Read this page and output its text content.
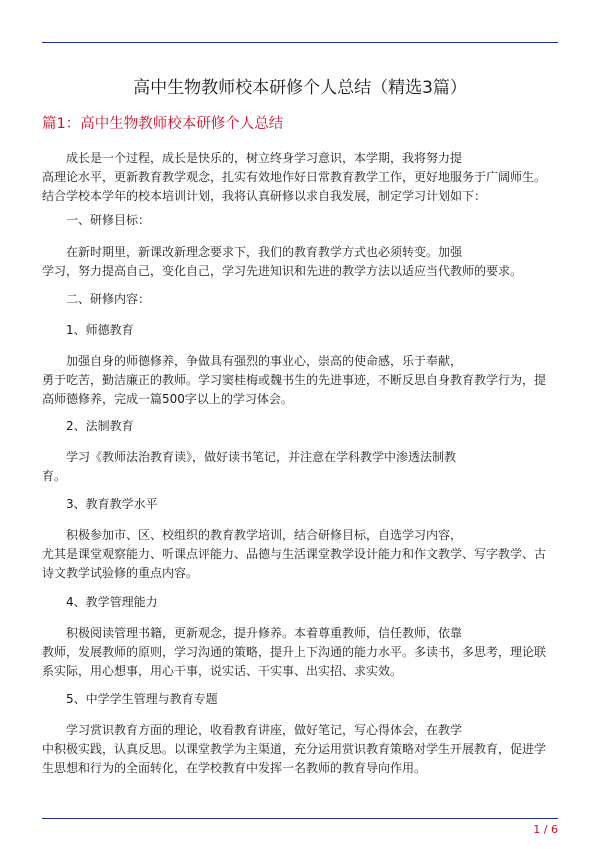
高中生物教师校本研修个人总结（精选3篇）
篇1：高中生物教师校本研修个人总结

　　成长是一个过程，成长是快乐的，树立终身学习意识，本学期，我将努力提

高理论水平，更新教育教学观念，扎实有效地作好日常教育教学工作，更好地服务于广阔师生。

结合学校本学年的校本培训计划，我将认真研修以求自我发展，制定学习计划如下：

　　一、研修目标：

　　在新时期里，新课改新理念要求下，我们的教育教学方式也必须转变。加强

学习，努力提高自己，变化自己，学习先进知识和先进的教学方法以适应当代教师的要求。

　　二、研修内容：

　　1、师德教育

　　加强自身的师德修养，争做具有强烈的事业心，崇高的使命感，乐于奉献，

勇于吃苦，勤洁廉正的教师。学习窦桂梅或魏书生的先进事迹，不断反思自身教育教学行为，提

高师德修养，完成一篇500字以上的学习体会。

　　2、法制教育

　　学习《教师法治教育读》，做好读书笔记，并注意在学科教学中渗透法制教

育。

　　3、教育教学水平

　　积极参加市、区、校组织的教育教学培训，结合研修目标，自选学习内容，

尤其是课堂观察能力、听课点评能力、品德与生活课堂教学设计能力和作文教学、写字教学、古

诗文教学试验修的重点内容。

　　4、教学管理能力

　　积极阅读管理书籍，更新观念，提升修养。本着尊重教师，信任教师，依靠

教师，发展教师的原则，学习沟通的策略，提升上下沟通的能力水平。多读书，多思考，理论联

系实际，用心想事，用心干事，说实话、干实事、出实招、求实效。

　　5、中学学生管理与教育专题

　　学习赏识教育方面的理论，收看教育讲座，做好笔记，写心得体会，在教学

中积极实践，认真反思。以课堂教学为主渠道，充分运用赏识教育策略对学生开展教育，促进学

生思想和行为的全面转化，在学校教育中发挥一名教师的教育导向作用。

1 / 6
